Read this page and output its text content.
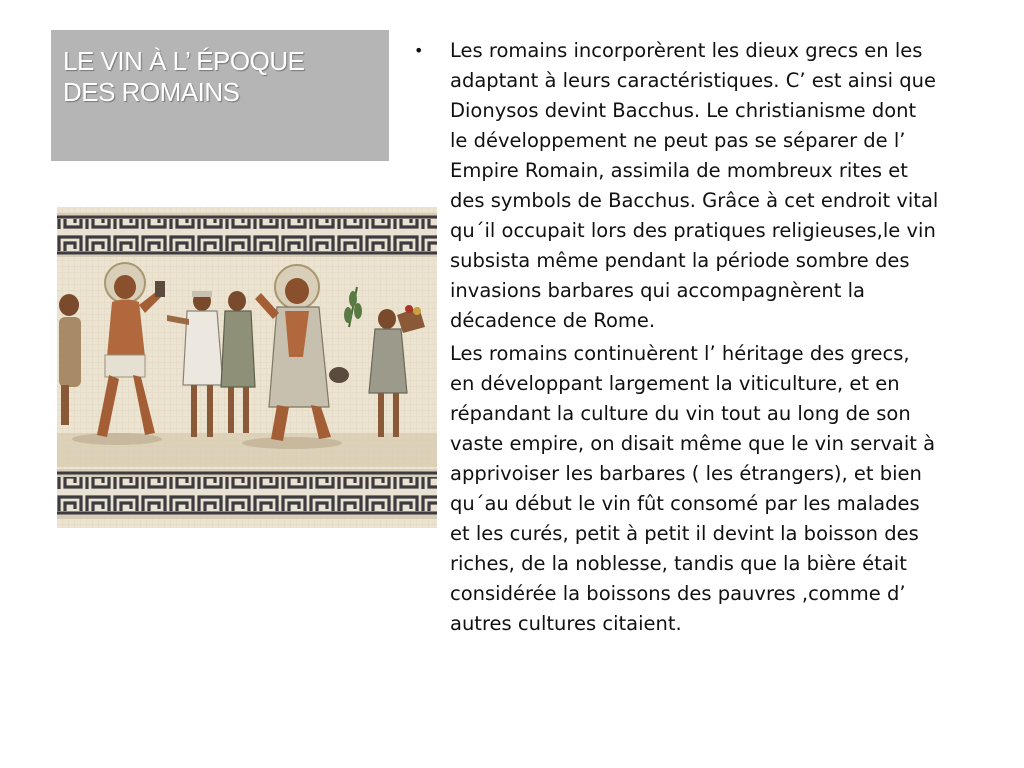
LE VIN À L’ ÉPOQUE
DES ROMAINS
• Les romains incorporèrent les dieux grecs en les
adaptant à leurs caractéristiques. C’ est ainsi que
Dionysos devint Bacchus. Le christianisme dont
le développement ne peut pas se séparer de l’
Empire Romain, assimila de mombreux rites et
des symbols de Bacchus. Grâce à cet endroit vital
qu´il occupait lors des pratiques religieuses,le vin
subsista même pendant la période sombre des
invasions barbares qui accompagnèrent la
décadence de Rome.
Les romains continuèrent l’ héritage des grecs,
en développant largement la viticulture, et en
répandant la culture du vin tout au long de son
vaste empire, on disait même que le vin servait à
apprivoiser les barbares ( les étrangers), et bien
qu´au début le vin fût consomé par les malades
et les curés, petit à petit il devint la boisson des
riches, de la noblesse, tandis que la bière était
considérée la boissons des pauvres ,comme d’
autres cultures citaient.
